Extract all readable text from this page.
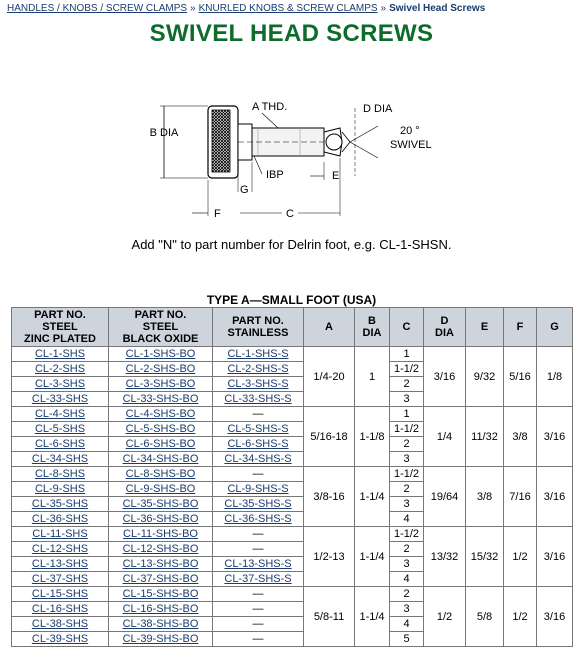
HANDLES / KNOBS / SCREW CLAMPS » KNURLED KNOBS & SCREW CLAMPS » Swivel Head Screws
SWIVEL HEAD SCREWS
B DIA
D DIA
20 °
SWIVEL
A THD.
IBP	E
G
F	C
Add "N" to part number for Delrin foot, e.g. CL-1-SHSN.
TYPE A—SMALL FOOT (USA)
PART NO.
STEEL
ZINC PLATED	PART NO.
STEEL
BLACK OXIDE	PART NO.
STAINLESS	A	B
DIA	C	D
DIA	E	F	G
CL-1-SHS	CL-1-SHS-BO	CL-1-SHS-S	1/4-20	1	1	3/16	9/32	5/16	1/8
CL-2-SHS	CL-2-SHS-BO	CL-2-SHS-S			1-1/2				
CL-3-SHS	CL-3-SHS-BO	CL-3-SHS-S			2				
CL-33-SHS	CL-33-SHS-BO	CL-33-SHS-S			3				
CL-4-SHS	CL-4-SHS-BO	—	5/16-18	1-1/8	1	1/4	11/32	3/8	3/16
CL-5-SHS	CL-5-SHS-BO	CL-5-SHS-S			1-1/2				
CL-6-SHS	CL-6-SHS-BO	CL-6-SHS-S			2				
CL-34-SHS	CL-34-SHS-BO	CL-34-SHS-S			3				
CL-8-SHS	CL-8-SHS-BO	—	3/8-16	1-1/4	1-1/2	19/64	3/8	7/16	3/16
CL-9-SHS	CL-9-SHS-BO	CL-9-SHS-S			2				
CL-35-SHS	CL-35-SHS-BO	CL-35-SHS-S			3				
CL-36-SHS	CL-36-SHS-BO	CL-36-SHS-S			4				
CL-11-SHS	CL-11-SHS-BO	—	1/2-13	1-1/4	1-1/2	13/32	15/32	1/2	3/16
CL-12-SHS	CL-12-SHS-BO	—			2				
CL-13-SHS	CL-13-SHS-BO	CL-13-SHS-S			3				
CL-37-SHS	CL-37-SHS-BO	CL-37-SHS-S			4				
CL-15-SHS	CL-15-SHS-BO	—	5/8-11	1-1/4	2	1/2	5/8	1/2	3/16
CL-16-SHS	CL-16-SHS-BO	—			3				
CL-38-SHS	CL-38-SHS-BO	—			4				
CL-39-SHS	CL-39-SHS-BO	—			5				
